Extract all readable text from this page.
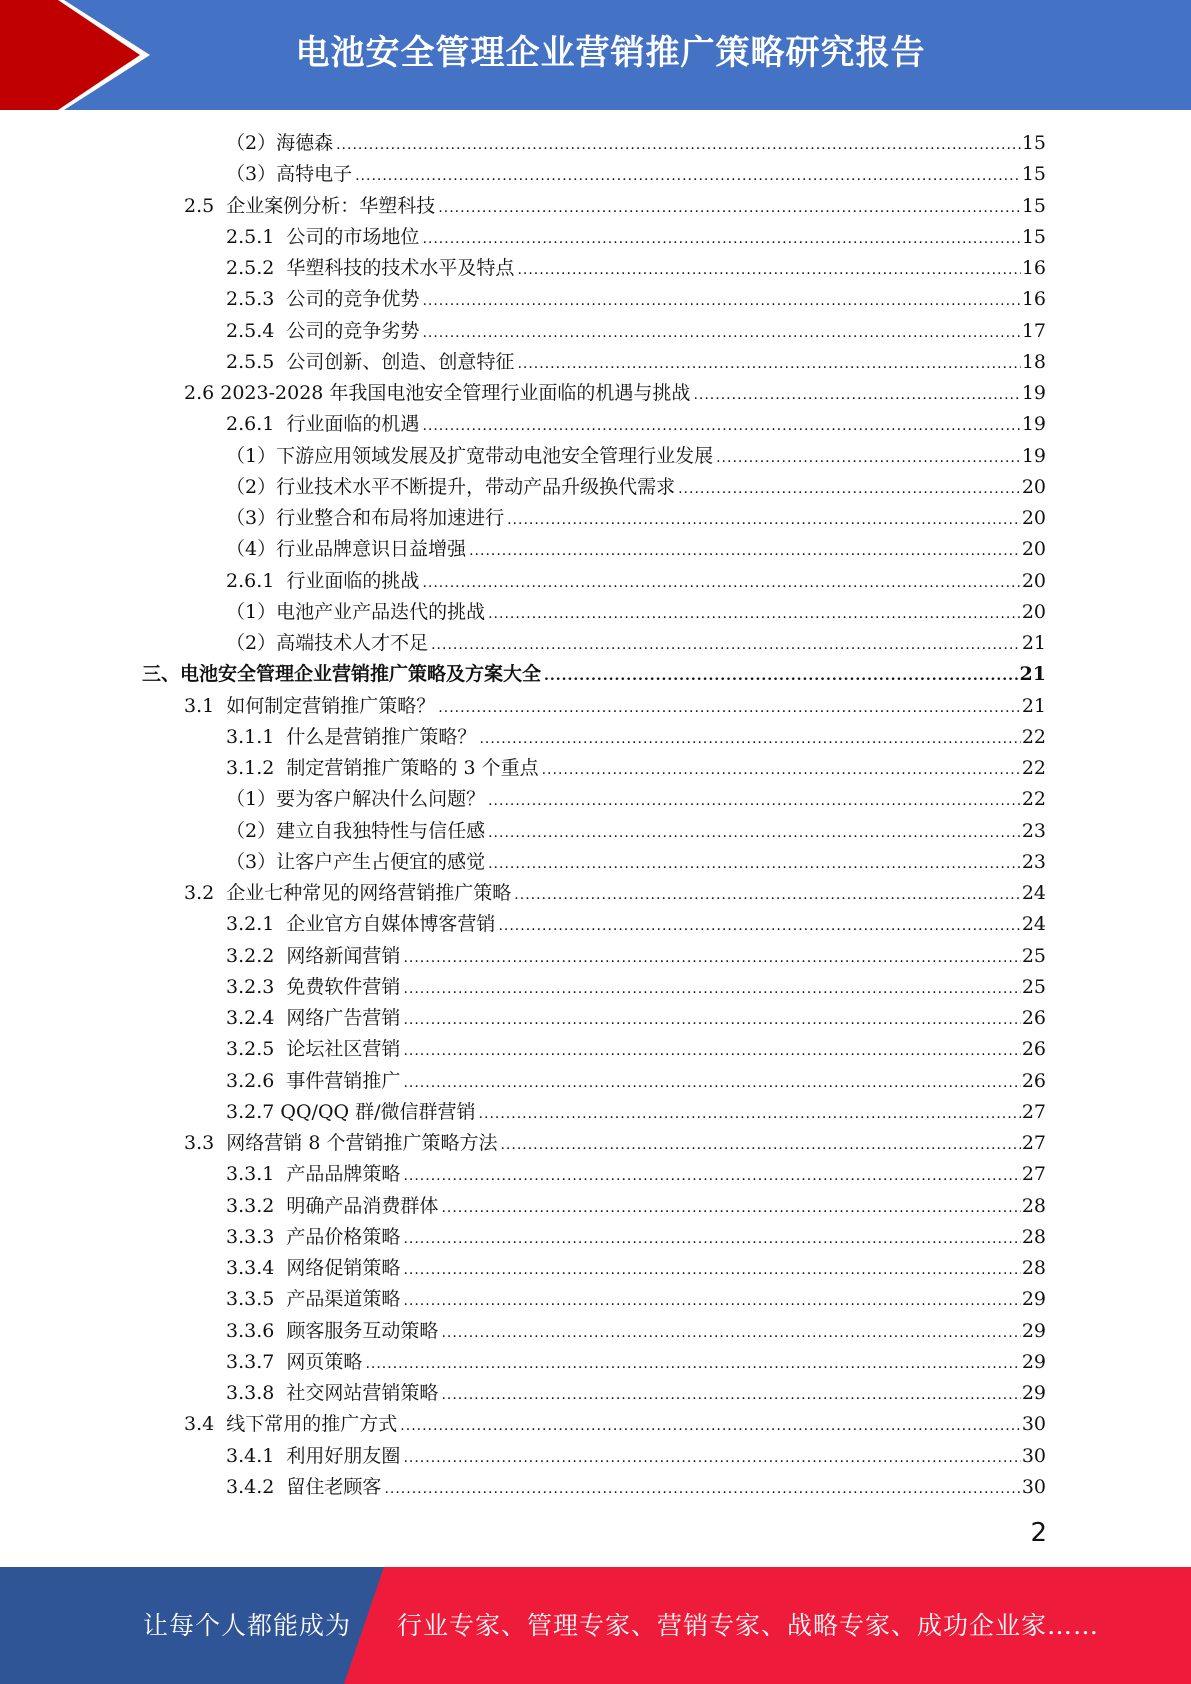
电池安全管理企业营销推广策略研究报告
（2）海德森 .....	15
（3）高特电子 .....	15
2.5  企业案例分析：华塑科技 .....	15
2.5.1  公司的市场地位 .....	15
2.5.2  华塑科技的技术水平及特点 .....	16
2.5.3  公司的竞争优势 .....	16
2.5.4  公司的竞争劣势 .....	17
2.5.5  公司创新、创造、创意特征 .....	18
2.6 2023-2028 年我国电池安全管理行业面临的机遇与挑战 .....	19
2.6.1  行业面临的机遇 .....	19
（1）下游应用领域发展及扩宽带动电池安全管理行业发展 .....	19
（2）行业技术水平不断提升，带动产品升级换代需求 .....	20
（3）行业整合和布局将加速进行 .....	20
（4）行业品牌意识日益增强 .....	20
2.6.1  行业面临的挑战 .....	20
（1）电池产业产品迭代的挑战 .....	20
（2）高端技术人才不足 .....	21
三、电池安全管理企业营销推广策略及方案大全 .....	21
3.1  如何制定营销推广策略？ .....	21
3.1.1  什么是营销推广策略？ .....	22
3.1.2  制定营销推广策略的 3 个重点 .....	22
（1）要为客户解决什么问题？ .....	22
（2）建立自我独特性与信任感 .....	23
（3）让客户产生占便宜的感觉 .....	23
3.2  企业七种常见的网络营销推广策略 .....	24
3.2.1  企业官方自媒体博客营销 .....	24
3.2.2  网络新闻营销 .....	25
3.2.3  免费软件营销 .....	25
3.2.4  网络广告营销 .....	26
3.2.5  论坛社区营销 .....	26
3.2.6  事件营销推广 .....	26
3.2.7 QQ/QQ 群/微信群营销 .....	27
3.3  网络营销 8 个营销推广策略方法 .....	27
3.3.1  产品品牌策略 .....	27
3.3.2  明确产品消费群体 .....	28
3.3.3  产品价格策略 .....	28
3.3.4  网络促销策略 .....	28
3.3.5  产品渠道策略 .....	29
3.3.6  顾客服务互动策略 .....	29
3.3.7  网页策略 .....	29
3.3.8  社交网站营销策略 .....	29
3.4  线下常用的推广方式 .....	30
3.4.1  利用好朋友圈 .....	30
3.4.2  留住老顾客 .....	30
2
让每个人都能成为 行业专家、管理专家、营销专家、战略专家、成功企业家……
